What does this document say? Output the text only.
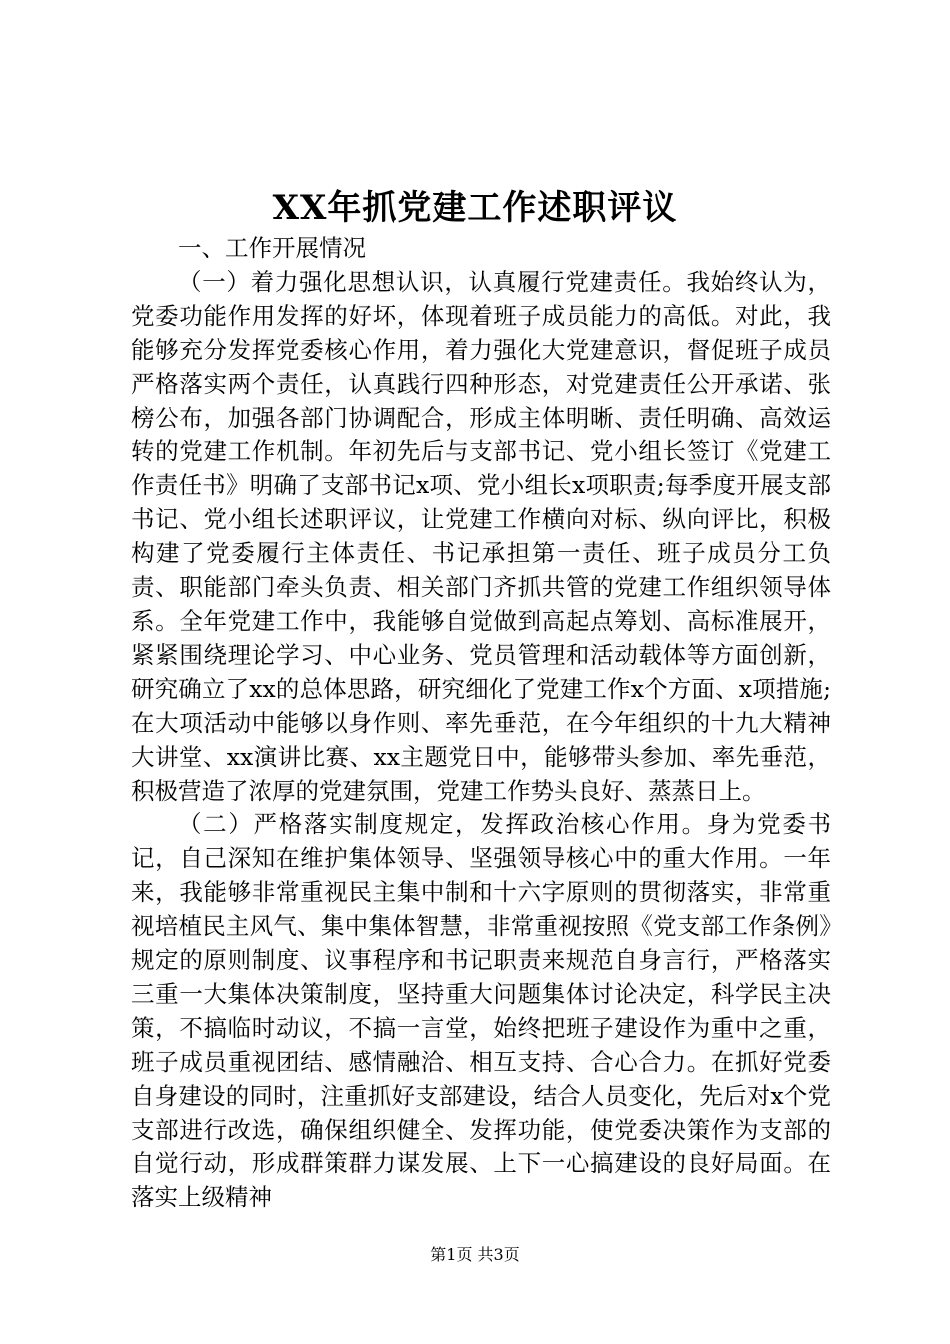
XX年抓党建工作述职评议

一、工作开展情况

（一）着力强化思想认识，认真履行党建责任。我始终认为，党委功能作用发挥的好坏，体现着班子成员能力的高低。对此，我能够充分发挥党委核心作用，着力强化大党建意识，督促班子成员严格落实两个责任，认真践行四种形态，对党建责任公开承诺、张榜公布，加强各部门协调配合，形成主体明晰、责任明确、高效运转的党建工作机制。年初先后与支部书记、党小组长签订《党建工作责任书》明确了支部书记x项、党小组长x项职责;每季度开展支部书记、党小组长述职评议，让党建工作横向对标、纵向评比，积极构建了党委履行主体责任、书记承担第一责任、班子成员分工负责、职能部门牵头负责、相关部门齐抓共管的党建工作组织领导体系。全年党建工作中，我能够自觉做到高起点筹划、高标准展开，紧紧围绕理论学习、中心业务、党员管理和活动载体等方面创新，研究确立了xx的总体思路，研究细化了党建工作x个方面、x项措施;在大项活动中能够以身作则、率先垂范，在今年组织的十九大精神大讲堂、xx演讲比赛、xx主题党日中，能够带头参加、率先垂范，积极营造了浓厚的党建氛围，党建工作势头良好、蒸蒸日上。

（二）严格落实制度规定，发挥政治核心作用。身为党委书记，自己深知在维护集体领导、坚强领导核心中的重大作用。一年来，我能够非常重视民主集中制和十六字原则的贯彻落实，非常重视培植民主风气、集中集体智慧，非常重视按照《党支部工作条例》规定的原则制度、议事程序和书记职责来规范自身言行，严格落实三重一大集体决策制度，坚持重大问题集体讨论决定，科学民主决策，不搞临时动议，不搞一言堂，始终把班子建设作为重中之重，班子成员重视团结、感情融洽、相互支持、合心合力。在抓好党委自身建设的同时，注重抓好支部建设，结合人员变化，先后对x个党支部进行改选，确保组织健全、发挥功能，使党委决策作为支部的自觉行动，形成群策群力谋发展、上下一心搞建设的良好局面。在落实上级精神

第1页 共3页
